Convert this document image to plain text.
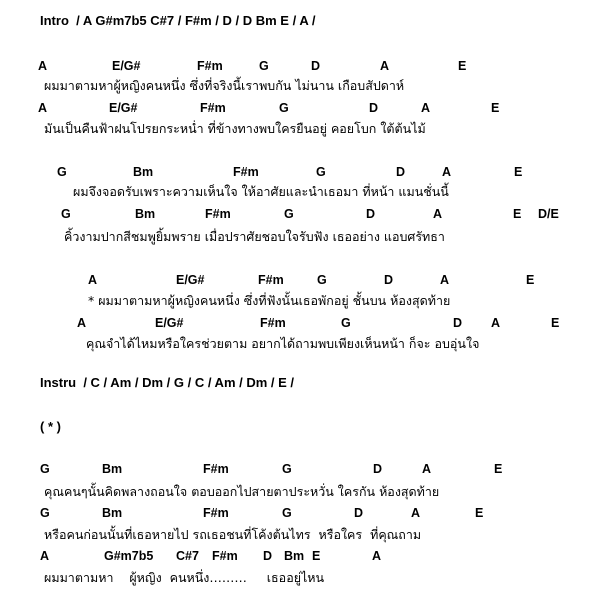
Intro  / A G#m7b5 C#7 / F#m / D / D Bm E / A /
A	E/G#	F#m	G	D	A	E
ผมมาตามหาผู้หญิงคนหนึ่ง ซึ่งที่จริงนี้เราพบกัน ไม่นาน เกือบสัปดาห์
A	E/G#	F#m	G	D	A	E
มันเป็นคืนฟ้าฝนโปรยกระหน่ำ ที่ข้างทางพบใครยืนอยู่ คอยโบก ใต้ต้นไม้
G	Bm	F#m	G	D	A	E
ผมจึงจอดรับเพราะความเห็นใจ ให้อาศัยและนำเธอมา ที่หน้า แมนชั่นนี้
G	Bm	F#m	G	D	A	E D/E
คิ้วงามปากสีชมพูยิ้มพราย เมื่อปราศัยชอบใจรับฟัง เธออย่าง แอบศรัทธา
A	E/G#	F#m	G	D	A	E
* ผมมาตามหาผู้หญิงคนหนึ่ง ซึ่งที่ฟังนั้นเธอพักอยู่ ชั้นบน ห้องสุดท้าย
A	E/G#	F#m	G	D A	E
คุณจำได้ไหมหรือใครช่วยตาม อยากได้ถามพบเพียงเห็นหน้า ก็จะ อบอุ่นใจ
Instru  / C / Am / Dm / G / C / Am / Dm / E /
( * )
G	Bm	F#m	G	D	A	E
คุณคนๆนั้นคิดพลางถอนใจ ตอบออกไปสายตาประหวั่น ใครกัน ห้องสุดท้าย
G	Bm	F#m	G	D	A	E
หรือคนก่อนนั้นที่เธอหายไป รถเธอชนที่โค้งต้นไทร  หรือใคร  ที่คุณถาม
A	G#m7b5 C#7 F#m D Bm E	A
ผมมาตามหา    ผู้หญิง  คนหนึ่ง………     เธออยู่ไหน
